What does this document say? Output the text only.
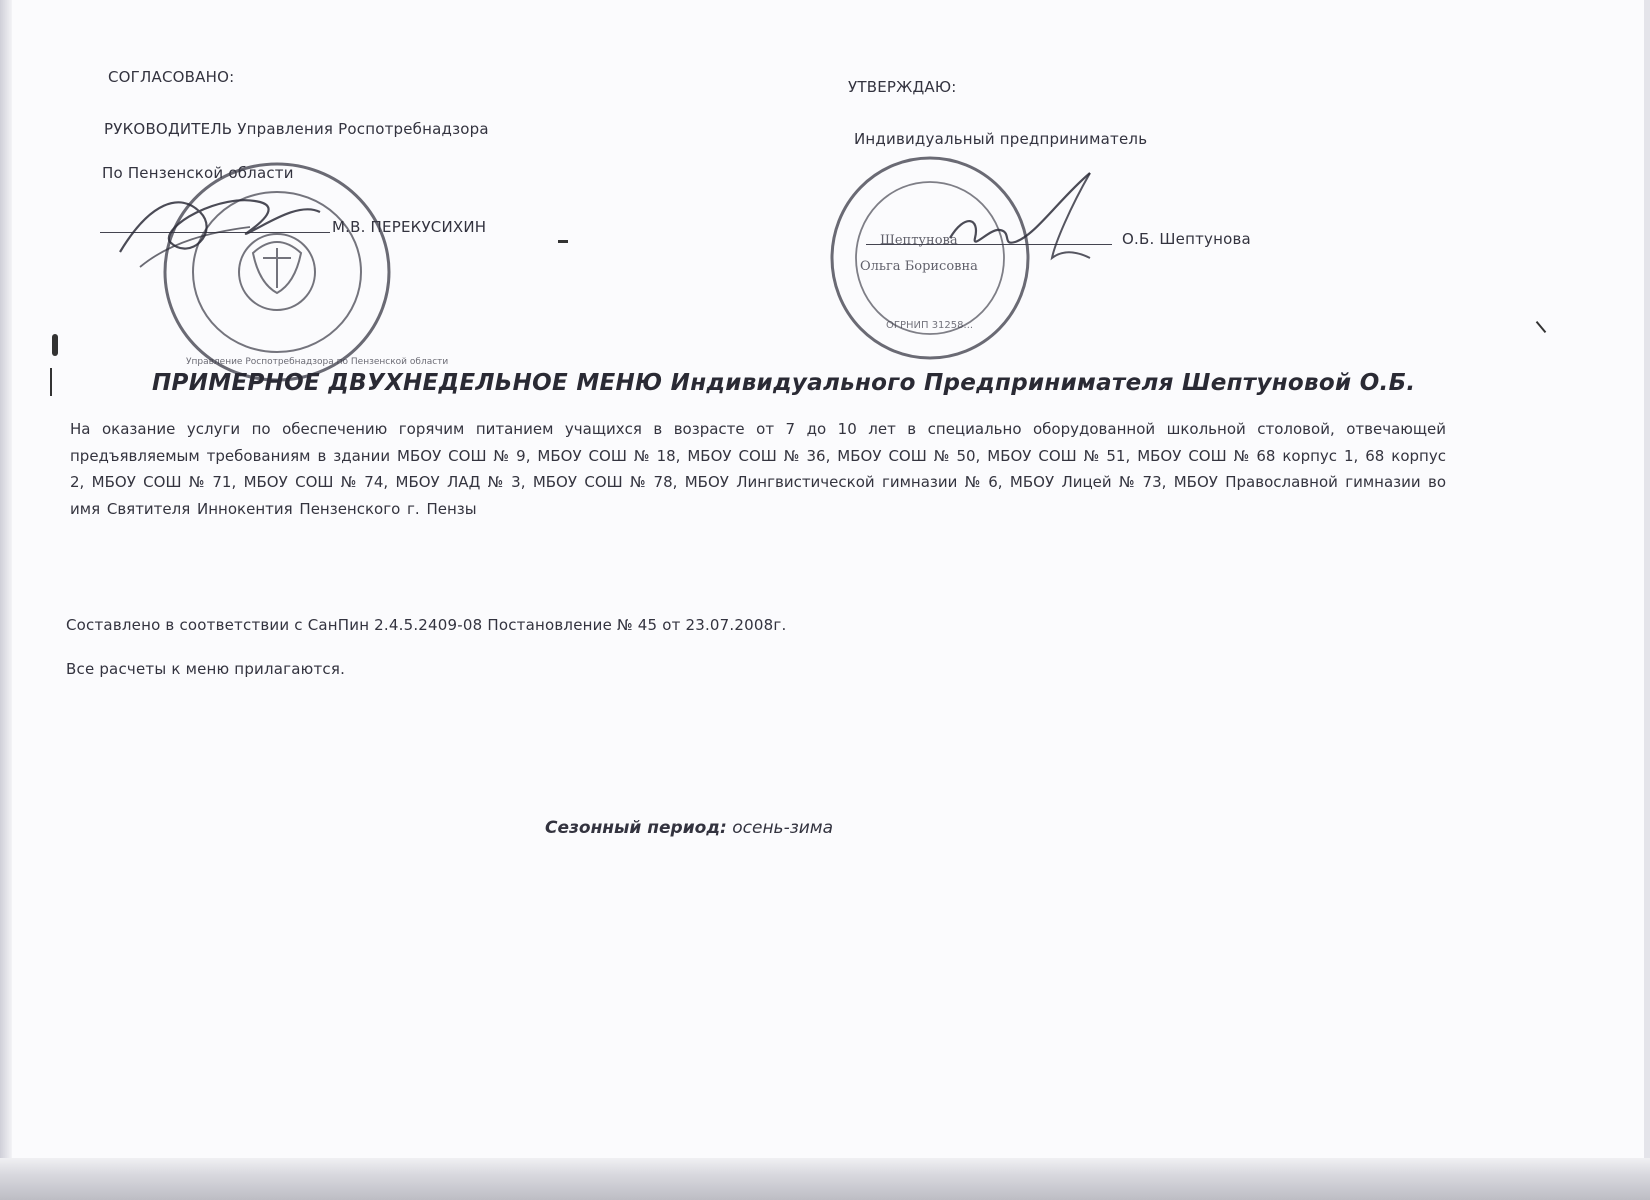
СОГЛАСОВАНО:
РУКОВОДИТЕЛЬ Управления Роспотребнадзора
По Пензенской области
М.В. ПЕРЕКУСИХИН
Управление Роспотребнадзора по Пензенской области
УТВЕРЖДАЮ:
Индивидуальный предприниматель
О.Б. Шептунова
Шептунова
Ольга Борисовна
ОГРНИП 31258...
ПРИМЕРНОЕ ДВУХНЕДЕЛЬНОЕ МЕНЮ Индивидуального Предпринимателя Шептуновой О.Б.
На оказание услуги по обеспечению горячим питанием учащихся в возрасте от 7 до 10 лет в специально оборудованной школьной столовой, отвечающей предъявляемым требованиям в здании МБОУ СОШ № 9, МБОУ СОШ № 18, МБОУ СОШ № 36, МБОУ СОШ № 50, МБОУ СОШ № 51, МБОУ СОШ № 68 корпус 1, 68 корпус 2, МБОУ СОШ № 71, МБОУ СОШ № 74, МБОУ ЛАД № 3, МБОУ СОШ № 78, МБОУ Лингвистической гимназии № 6, МБОУ Лицей № 73, МБОУ Православной гимназии во имя Святителя Иннокентия Пензенского г. Пензы
Составлено в соответствии с СанПин 2.4.5.2409-08 Постановление № 45 от 23.07.2008г.
Все расчеты к меню прилагаются.
Сезонный период: осень-зима
